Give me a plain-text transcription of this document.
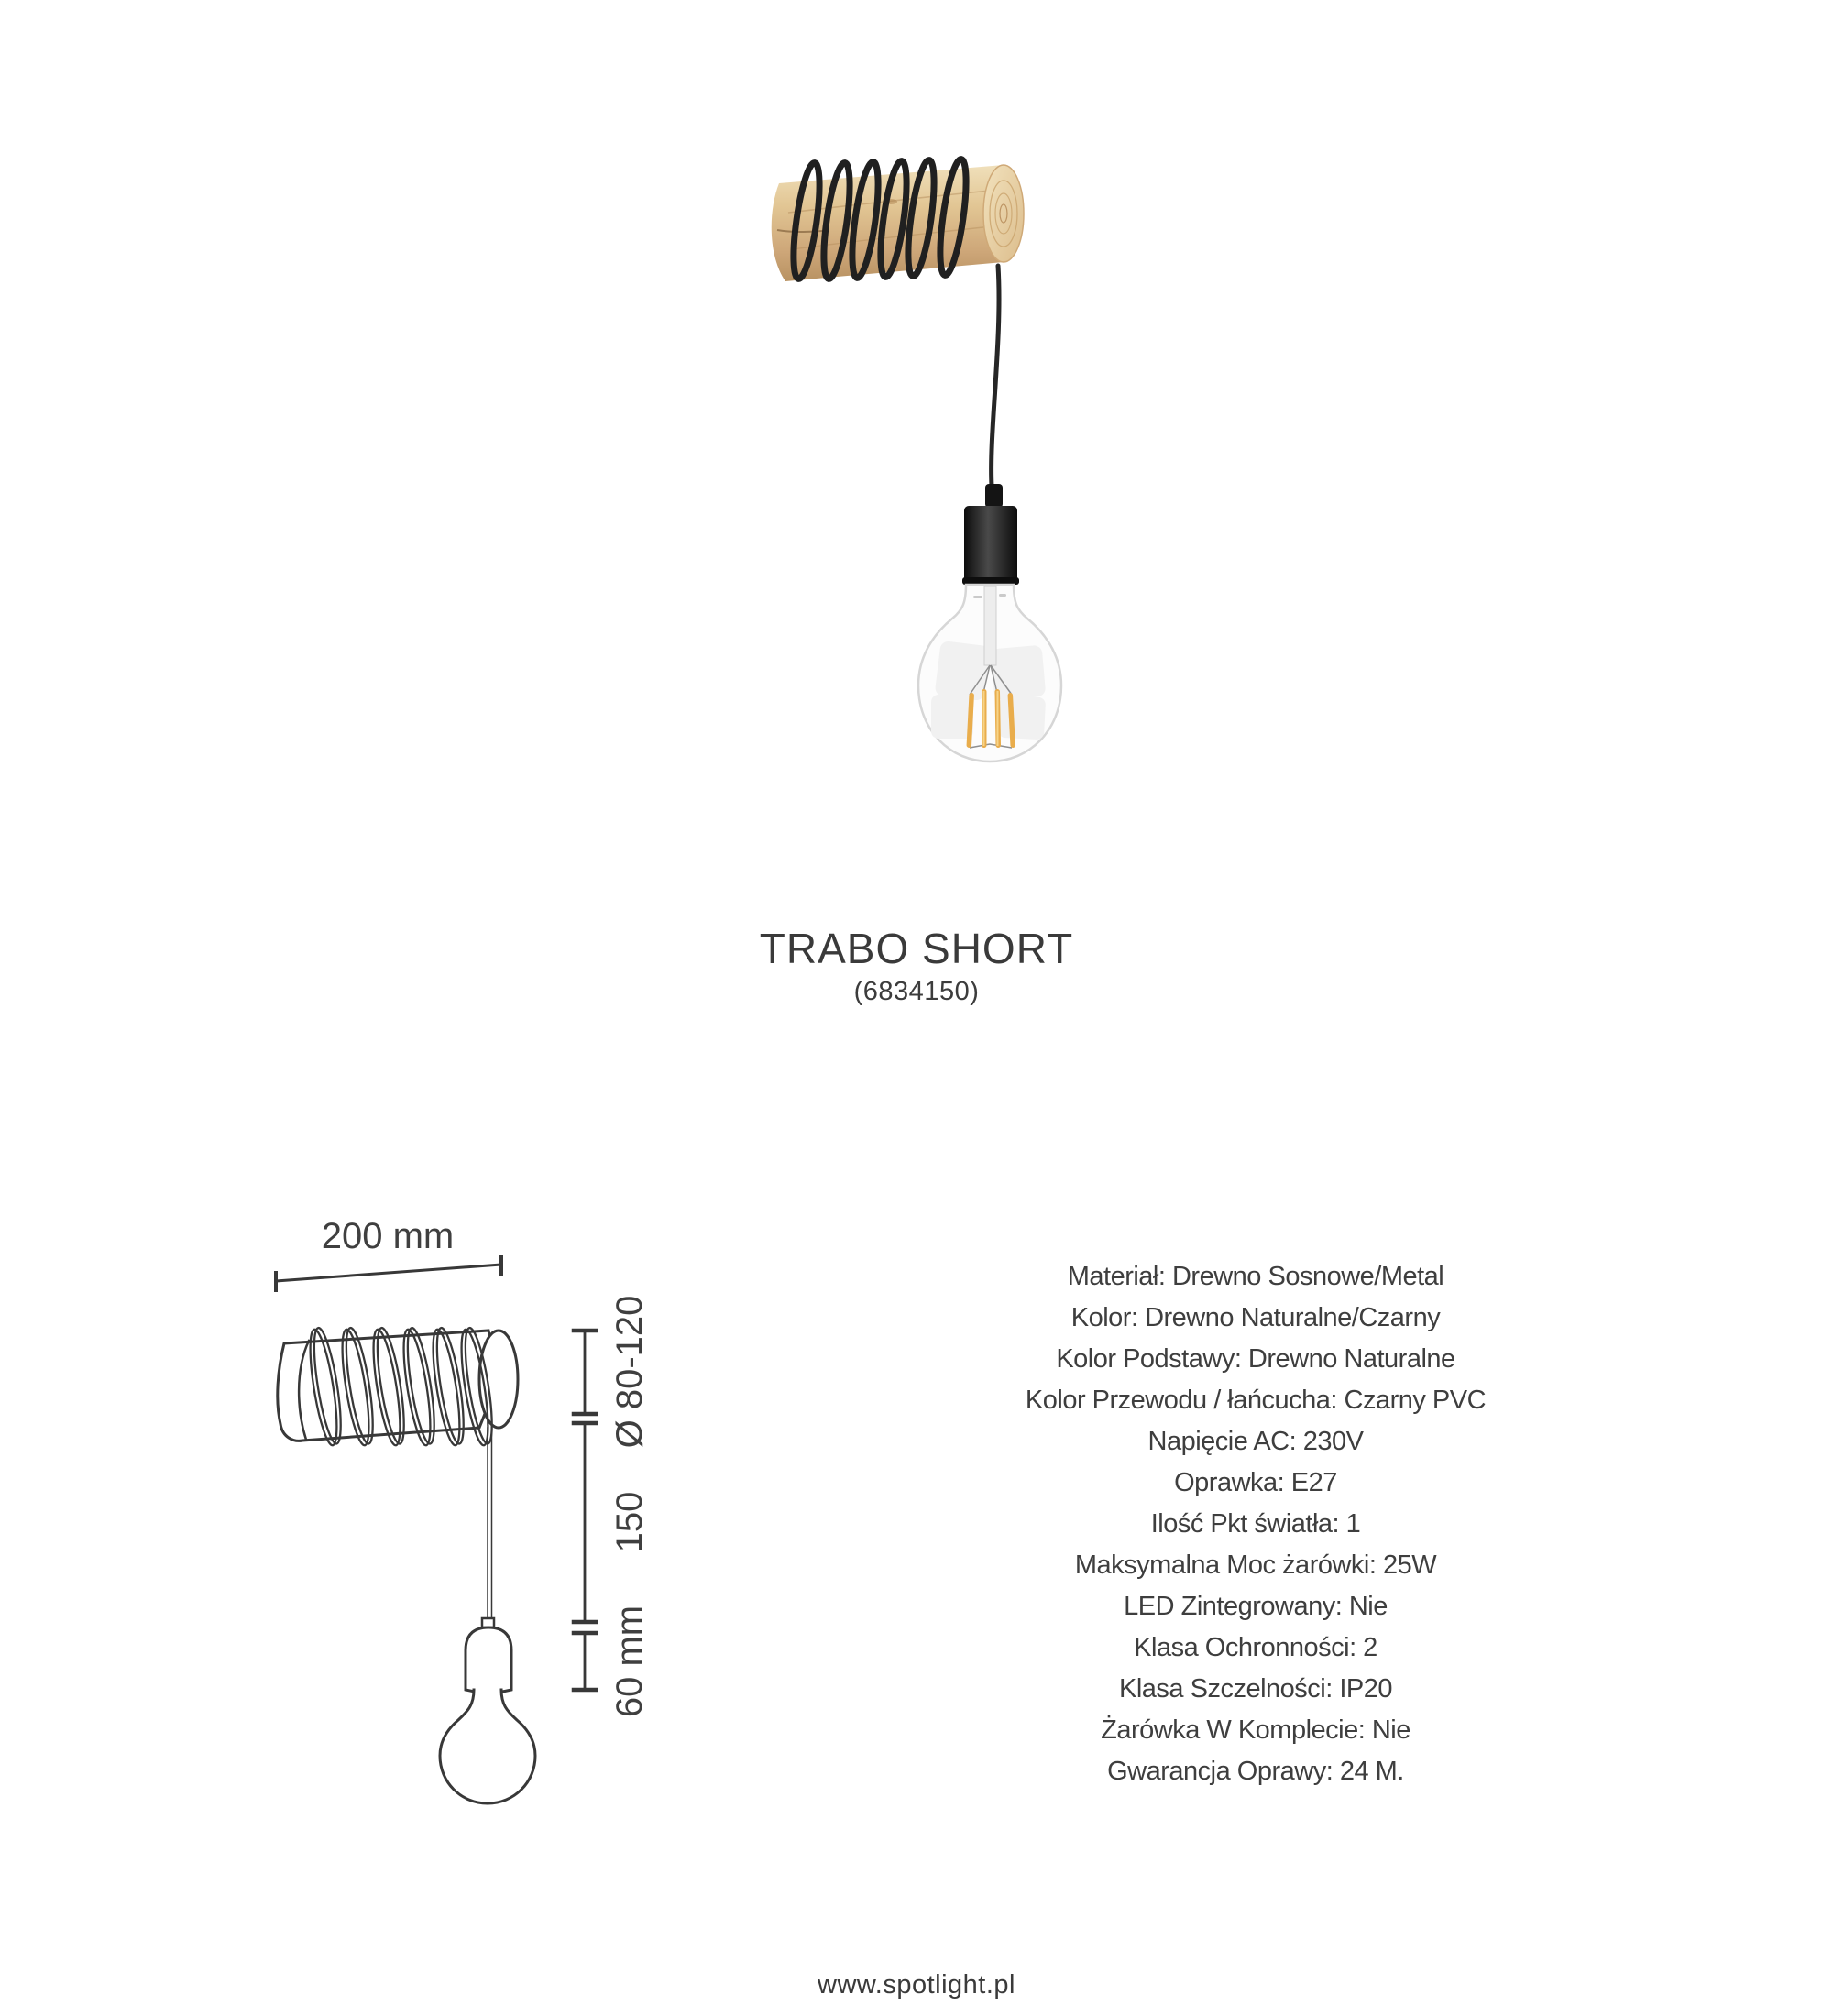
TRABO SHORT
(6834150)
200 mm
Ø 80-120
150
60 mm
Materiał: Drewno Sosnowe/Metal
Kolor: Drewno Naturalne/Czarny
Kolor Podstawy: Drewno Naturalne
Kolor Przewodu / łańcucha: Czarny PVC
Napięcie AC: 230V
Oprawka: E27
Ilość Pkt światła: 1
Maksymalna Moc żarówki: 25W
LED Zintegrowany: Nie
Klasa Ochronności: 2
Klasa Szczelności: IP20
Żarówka W Komplecie: Nie
Gwarancja Oprawy: 24 M.
www.spotlight.pl
